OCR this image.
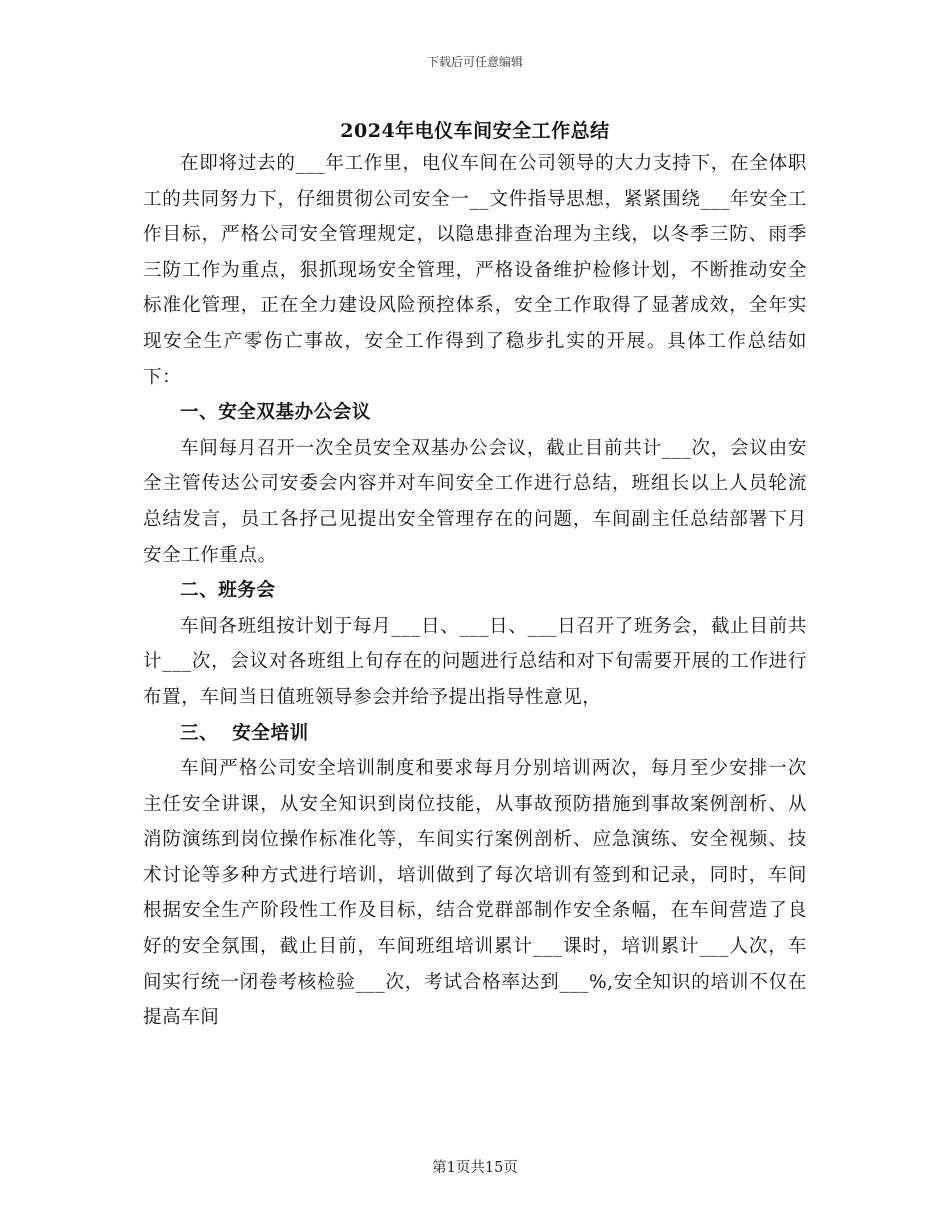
下载后可任意编辑
2024年电仪车间安全工作总结

在即将过去的___年工作里，电仪车间在公司领导的大力支持下，在全体职工的共同努力下，仔细贯彻公司安全一__文件指导思想，紧紧围绕___年安全工作目标，严格公司安全管理规定，以隐患排查治理为主线，以冬季三防、雨季三防工作为重点，狠抓现场安全管理，严格设备维护检修计划，不断推动安全标准化管理，正在全力建设风险预控体系，安全工作取得了显著成效，全年实现安全生产零伤亡事故，安全工作得到了稳步扎实的开展。具体工作总结如下：

一、安全双基办公会议

车间每月召开一次全员安全双基办公会议，截止目前共计___次，会议由安全主管传达公司安委会内容并对车间安全工作进行总结，班组长以上人员轮流总结发言，员工各抒己见提出安全管理存在的问题，车间副主任总结部署下月安全工作重点。

二、班务会

车间各班组按计划于每月___日、___日、___日召开了班务会，截止目前共计___次，会议对各班组上旬存在的问题进行总结和对下旬需要开展的工作进行布置，车间当日值班领导参会并给予提出指导性意见，

三、  安全培训

车间严格公司安全培训制度和要求每月分别培训两次，每月至少安排一次主任安全讲课，从安全知识到岗位技能，从事故预防措施到事故案例剖析、从消防演练到岗位操作标准化等，车间实行案例剖析、应急演练、安全视频、技术讨论等多种方式进行培训，培训做到了每次培训有签到和记录，同时，车间根据安全生产阶段性工作及目标，结合党群部制作安全条幅，在车间营造了良好的安全氛围，截止目前，车间班组培训累计___课时，培训累计___人次，车间实行统一闭卷考核检验___次，考试合格率达到___%,安全知识的培训不仅在提高车间

第1页共15页
